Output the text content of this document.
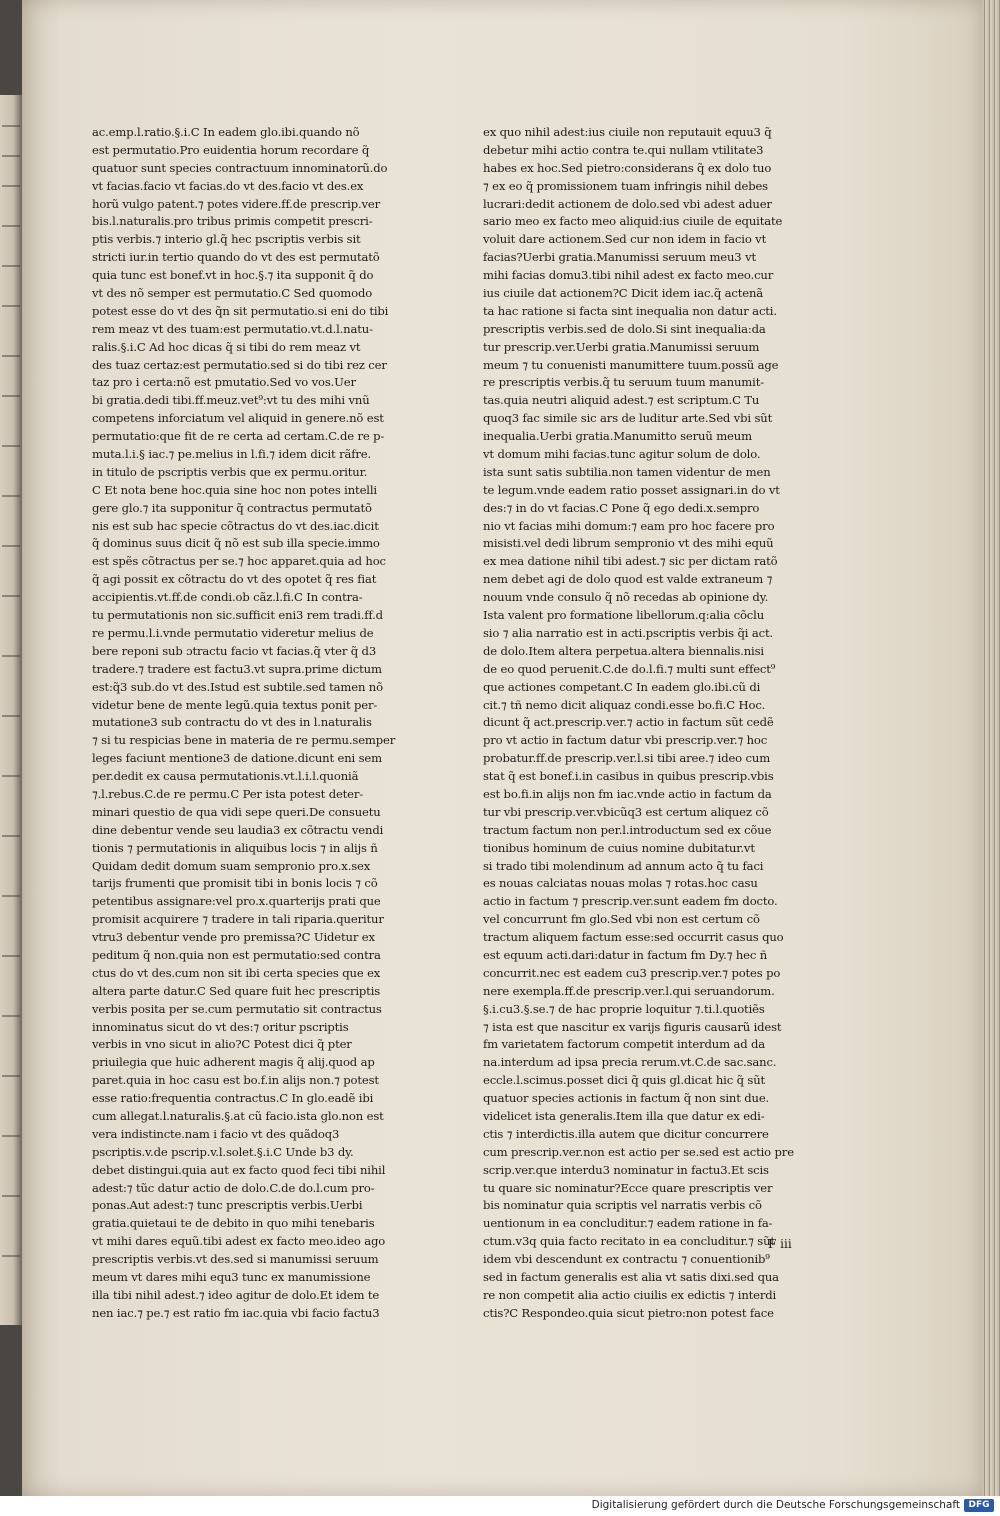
ac.emp.l.ratio.§.i.C In eadem glo.ibi.quando nõ
est permutatio.Pro euidentia horum recordare q̃
quatuor sunt species contractuum innominatorũ.do
vt facias.facio vt facias.do vt des.facio vt des.ex
horũ vulgo patent.⁊ potes videre.ff.de prescrip.ver
bis.l.naturalis.pro tribus primis competit prescri-
ptis verbis.⁊ interio gl.q̃ hec pscriptis verbis sit
stricti iur.in tertio quando do vt des est permutatõ
quia tunc est bonef.vt in hoc.§.⁊ ita supponit q̃ do
vt des nõ semper est permutatio.C Sed quomodo
potest esse do vt des q̃n sit permutatio.si eni do tibi
rem meaz vt des tuam:est permutatio.vt.d.l.natu-
ralis.§.i.C Ad hoc dicas q̃ si tibi do rem meaz vt
des tuaz certaz:est permutatio.sed si do tibi rez cer
taz pro i certa:nõ est pmutatio.Sed vo vos.Uer
bi gratia.dedi tibi.ff.meuz.vet⁹:vt tu des mihi vnũ
competens inforciatum vel aliquid in genere.nõ est
permutatio:que fit de re certa ad certam.C.de re p-
muta.l.i.§ iac.⁊ pe.melius in l.fi.⁊ idem dicit rãfre.
in titulo de pscriptis verbis que ex permu.oritur.
C Et nota bene hoc.quia sine hoc non potes intelli
gere glo.⁊ ita supponitur q̃ contractus permutatõ
nis est sub hac specie cõtractus do vt des.iac.dicit
q̃ dominus suus dicit q̃ nõ est sub illa specie.immo
est spẽs cõtractus per se.⁊ hoc apparet.quia ad hoc
q̃ agi possit ex cõtractu do vt des opotet q̃ res fiat
accipientis.vt.ff.de condi.ob cãz.l.fi.C In contra-
tu permutationis non sic.sufficit eni3 rem tradi.ff.d
re permu.l.i.vnde permutatio videretur melius de
bere reponi sub ɔtractu facio vt facias.q̃ vter q̃ d3
tradere.⁊ tradere est factu3.vt supra.prime dictum
est:q̃3 sub.do vt des.Istud est subtile.sed tamen nõ
videtur bene de mente legũ.quia textus ponit per-
mutatione3 sub contractu do vt des in l.naturalis
⁊ si tu respicias bene in materia de re permu.semper
leges faciunt mentione3 de datione.dicunt eni sem
per.dedit ex causa permutationis.vt.l.i.l.quoniã
⁊.l.rebus.C.de re permu.C Per ista potest deter-
minari questio de qua vidi sepe queri.De consuetu
dine debentur vende seu laudia3 ex cõtractu vendi
tionis ⁊ permutationis in aliquibus locis ⁊ in alijs ñ
Quidam dedit domum suam sempronio pro.x.sex
tarijs frumenti que promisit tibi in bonis locis ⁊ cõ
petentibus assignare:vel pro.x.quarterijs prati que
promisit acquirere ⁊ tradere in tali riparia.queritur
vtru3 debentur vende pro premissa?C Uidetur ex
peditum q̃ non.quia non est permutatio:sed contra
ctus do vt des.cum non sit ibi certa species que ex
altera parte datur.C Sed quare fuit hec prescriptis
verbis posita per se.cum permutatio sit contractus
innominatus sicut do vt des:⁊ oritur pscriptis
verbis in vno sicut in alio?C Potest dici q̃ pter
priuilegia que huic adherent magis q̃ alij.quod ap
paret.quia in hoc casu est bo.f.in alijs non.⁊ potest
esse ratio:frequentia contractus.C In glo.eadẽ ibi
cum allegat.l.naturalis.§.at cũ facio.ista glo.non est
vera indistincte.nam i facio vt des quãdoq3
pscriptis.v.de pscrip.v.l.solet.§.i.C Unde b3 dy.
debet distingui.quia aut ex facto quod feci tibi nihil
adest:⁊ tũc datur actio de dolo.C.de do.l.cum pro-
ponas.Aut adest:⁊ tunc prescriptis verbis.Uerbi
gratia.quietaui te de debito in quo mihi tenebaris
vt mihi dares equũ.tibi adest ex facto meo.ideo ago
prescriptis verbis.vt des.sed si manumissi seruum
meum vt dares mihi equ3 tunc ex manumissione
illa tibi nihil adest.⁊ ideo agitur de dolo.Et idem te
nen iac.⁊ pe.⁊ est ratio fm iac.quia vbi facio factu3
ex quo nihil adest:ius ciuile non reputauit equu3 q̃
debetur mihi actio contra te.qui nullam vtilitate3
habes ex hoc.Sed pietro:considerans q̃ ex dolo tuo
⁊ ex eo q̃ promissionem tuam infringis nihil debes
lucrari:dedit actionem de dolo.sed vbi adest aduer
sario meo ex facto meo aliquid:ius ciuile de equitate
voluit dare actionem.Sed cur non idem in facio vt
facias?Uerbi gratia.Manumissi seruum meu3 vt
mihi facias domu3.tibi nihil adest ex facto meo.cur
ius ciuile dat actionem?C Dicit idem iac.q̃ actenã
ta hac ratione si facta sint inequalia non datur acti.
prescriptis verbis.sed de dolo.Si sint inequalia:da
tur prescrip.ver.Uerbi gratia.Manumissi seruum
meum ⁊ tu conuenisti manumittere tuum.possũ age
re prescriptis verbis.q̃ tu seruum tuum manumit-
tas.quia neutri aliquid adest.⁊ est scriptum.C Tu
quoq3 fac simile sic ars de luditur arte.Sed vbi sũt
inequalia.Uerbi gratia.Manumitto seruũ meum
vt domum mihi facias.tunc agitur solum de dolo.
ista sunt satis subtilia.non tamen videntur de men
te legum.vnde eadem ratio posset assignari.in do vt
des:⁊ in do vt facias.C Pone q̃ ego dedi.x.sempro
nio vt facias mihi domum:⁊ eam pro hoc facere pro
misisti.vel dedi librum sempronio vt des mihi equũ
ex mea datione nihil tibi adest.⁊ sic per dictam ratõ
nem debet agi de dolo quod est valde extraneum ⁊
nouum vnde consulo q̃ nõ recedas ab opinione dy.
Ista valent pro formatione libellorum.q:alia cõclu
sio ⁊ alia narratio est in acti.pscriptis verbis q̃i act.
de dolo.Item altera perpetua.altera biennalis.nisi
de eo quod peruenit.C.de do.l.fi.⁊ multi sunt effect⁹
que actiones competant.C In eadem glo.ibi.cũ di
cit.⁊ tñ nemo dicit aliquaz condi.esse bo.fi.C Hoc.
dicunt q̃ act.prescrip.ver.⁊ actio in factum sũt cedẽ
pro vt actio in factum datur vbi prescrip.ver.⁊ hoc
probatur.ff.de prescrip.ver.l.si tibi aree.⁊ ideo cum
stat q̃ est bonef.i.in casibus in quibus prescrip.vbis
est bo.fi.in alijs non fm iac.vnde actio in factum da
tur vbi prescrip.ver.vbicũq3 est certum aliquez cõ
tractum factum non per.l.introductum sed ex cõue
tionibus hominum de cuius nomine dubitatur.vt
si trado tibi molendinum ad annum acto q̃ tu faci
es nouas calciatas nouas molas ⁊ rotas.hoc casu
actio in factum ⁊ prescrip.ver.sunt eadem fm docto.
vel concurrunt fm glo.Sed vbi non est certum cõ
tractum aliquem factum esse:sed occurrit casus quo
est equum acti.dari:datur in factum fm Dy.⁊ hec ñ
concurrit.nec est eadem cu3 prescrip.ver.⁊ potes po
nere exempla.ff.de prescrip.ver.l.qui seruandorum.
§.i.cu3.§.se.⁊ de hac proprie loquitur ⁊.ti.l.quotiẽs
⁊ ista est que nascitur ex varijs figuris causarũ idest
fm varietatem factorum competit interdum ad da
na.interdum ad ipsa precia rerum.vt.C.de sac.sanc.
eccle.l.scimus.posset dici q̃ quis gl.dicat hic q̃ sũt
quatuor species actionis in factum q̃ non sint due.
videlicet ista generalis.Item illa que datur ex edi-
ctis ⁊ interdictis.illa autem que dicitur concurrere
cum prescrip.ver.non est actio per se.sed est actio pre
scrip.ver.que interdu3 nominatur in factu3.Et scis
tu quare sic nominatur?Ecce quare prescriptis ver
bis nominatur quia scriptis vel narratis verbis cõ
uentionum in ea concluditur.⁊ eadem ratione in fa-
ctum.v3q quia facto recitato in ea concluditur.⁊ sũt
idem vbi descendunt ex contractu ⁊ conuentionib⁹
sed in factum generalis est alia vt satis dixi.sed qua
re non competit alia actio ciuilis ex edictis ⁊ interdi
ctis?C Respondeo.quia sicut pietro:non potest face
F iii
Digitalisierung gefördert durch die Deutsche Forschungsgemeinschaft DFG
